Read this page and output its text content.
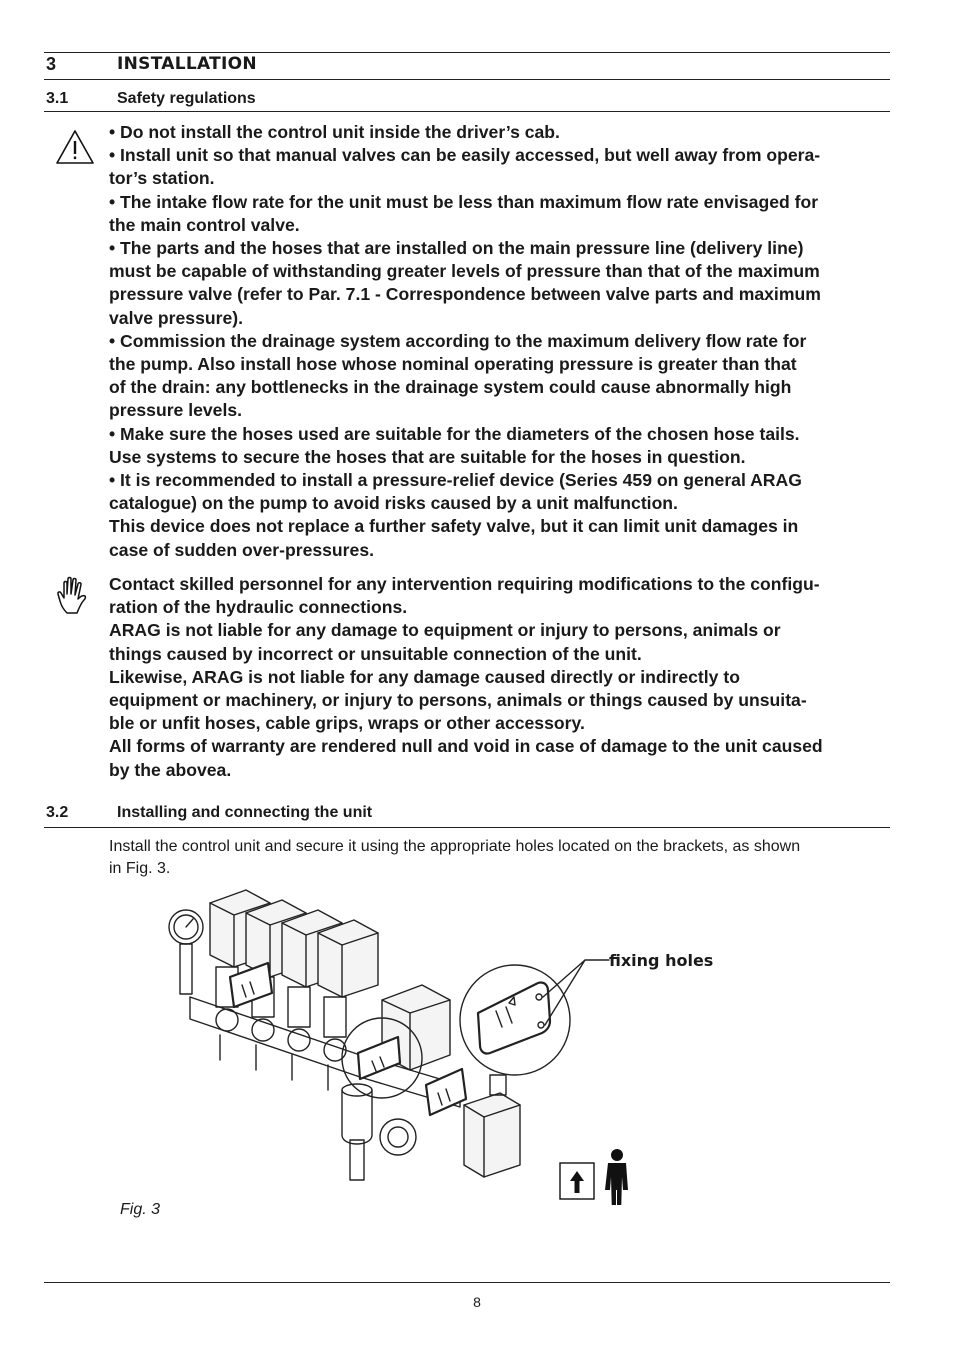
3	INSTALLATION
3.1	Safety regulations

• Do not install the control unit inside the driver’s cab.

• Install unit so that manual valves can be easily accessed, but well away from opera-

tor’s station.

• The intake flow rate for the unit must be less than maximum flow rate envisaged for

the main control valve.

• The parts and the hoses that are installed on the main pressure line (delivery line)

must be capable of withstanding greater levels of pressure than that of the maximum

pressure valve (refer to Par. 7.1 - Correspondence between valve parts and maximum

valve pressure).

• Commission the drainage system according to the maximum delivery flow rate for

the pump. Also install hose whose nominal operating pressure is greater than that

of the drain: any bottlenecks in the drainage system could cause abnormally high

pressure levels.

• Make sure the hoses used are suitable for the diameters of the chosen hose tails.

Use systems to secure the hoses that are suitable for the hoses in question.

• It is recommended to install a pressure-relief device (Series 459 on general ARAG

catalogue) on the pump to avoid risks caused by a unit malfunction.

This device does not replace a further safety valve, but it can limit unit damages in

case of sudden over-pressures.

Contact skilled personnel for any intervention requiring modifications to the configu-

ration of the hydraulic connections.

ARAG is not liable for any damage to equipment or injury to persons, animals or

things caused by incorrect or unsuitable connection of the unit.

Likewise, ARAG is not liable for any damage caused directly or indirectly to

equipment or machinery, or injury to persons, animals or things caused by unsuita-

ble or unfit hoses, cable grips, wraps or other accessory.

All forms of warranty are rendered null and void in case of damage to the unit caused

by the abovea.

3.2	Installing and connecting the unit
Install the control unit and secure it using the appropriate holes located on the brackets, as shown
in Fig. 3.
fixing holes
Fig. 3
8
